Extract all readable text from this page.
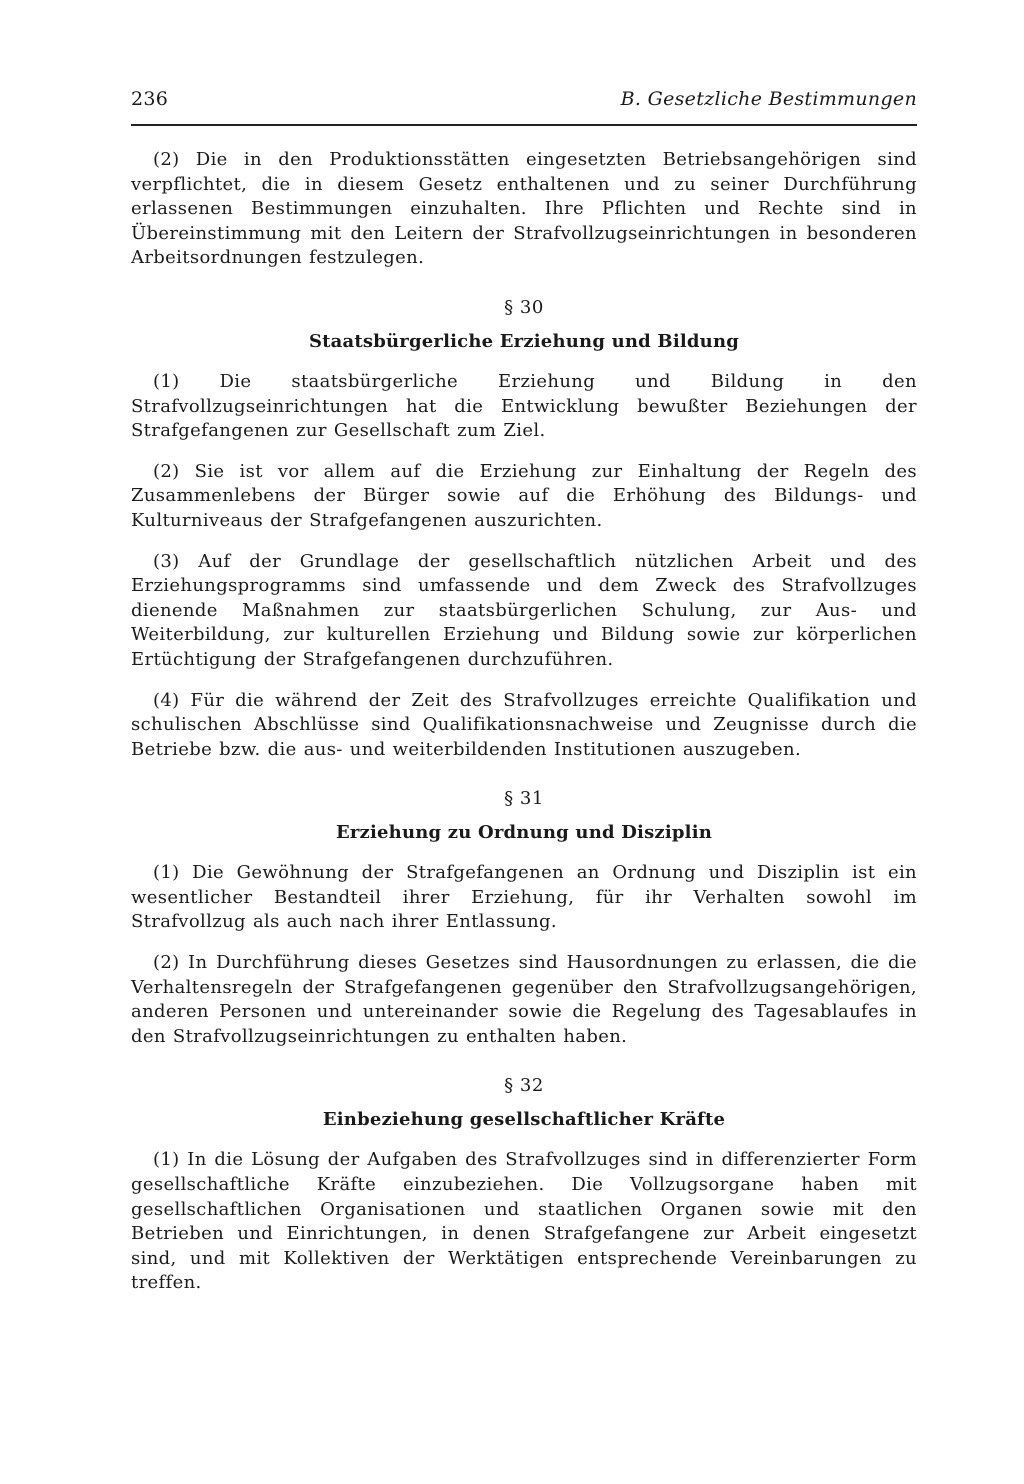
236	B. Gesetzliche Bestimmungen

(2) Die in den Produktionsstätten eingesetzten Betriebsangehörigen sind verpflichtet, die in diesem Gesetz enthaltenen und zu seiner Durchführung erlassenen Bestimmungen einzuhalten. Ihre Pflichten und Rechte sind in Übereinstimmung mit den Leitern der Strafvollzugseinrichtungen in besonderen Arbeitsordnungen festzulegen.

§ 30
Staatsbürgerliche Erziehung und Bildung

(1) Die staatsbürgerliche Erziehung und Bildung in den Strafvollzugseinrichtungen hat die Entwicklung bewußter Beziehungen der Strafgefangenen zur Gesellschaft zum Ziel.

(2) Sie ist vor allem auf die Erziehung zur Einhaltung der Regeln des Zusammenlebens der Bürger sowie auf die Erhöhung des Bildungs- und Kulturniveaus der Strafgefangenen auszurichten.

(3) Auf der Grundlage der gesellschaftlich nützlichen Arbeit und des Erziehungsprogramms sind umfassende und dem Zweck des Strafvollzuges dienende Maßnahmen zur staatsbürgerlichen Schulung, zur Aus- und Weiterbildung, zur kulturellen Erziehung und Bildung sowie zur körperlichen Ertüchtigung der Strafgefangenen durchzuführen.

(4) Für die während der Zeit des Strafvollzuges erreichte Qualifikation und schulischen Abschlüsse sind Qualifikationsnachweise und Zeugnisse durch die Betriebe bzw. die aus- und weiterbildenden Institutionen auszugeben.

§ 31
Erziehung zu Ordnung und Disziplin

(1) Die Gewöhnung der Strafgefangenen an Ordnung und Disziplin ist ein wesentlicher Bestandteil ihrer Erziehung, für ihr Verhalten sowohl im Strafvollzug als auch nach ihrer Entlassung.

(2) In Durchführung dieses Gesetzes sind Hausordnungen zu erlassen, die die Verhaltensregeln der Strafgefangenen gegenüber den Strafvollzugsangehörigen, anderen Personen und untereinander sowie die Regelung des Tagesablaufes in den Strafvollzugseinrichtungen zu enthalten haben.

§ 32
Einbeziehung gesellschaftlicher Kräfte

(1) In die Lösung der Aufgaben des Strafvollzuges sind in differenzierter Form gesellschaftliche Kräfte einzubeziehen. Die Vollzugsorgane haben mit gesellschaftlichen Organisationen und staatlichen Organen sowie mit den Betrieben und Einrichtungen, in denen Strafgefangene zur Arbeit eingesetzt sind, und mit Kollektiven der Werktätigen entsprechende Vereinbarungen zu treffen.
